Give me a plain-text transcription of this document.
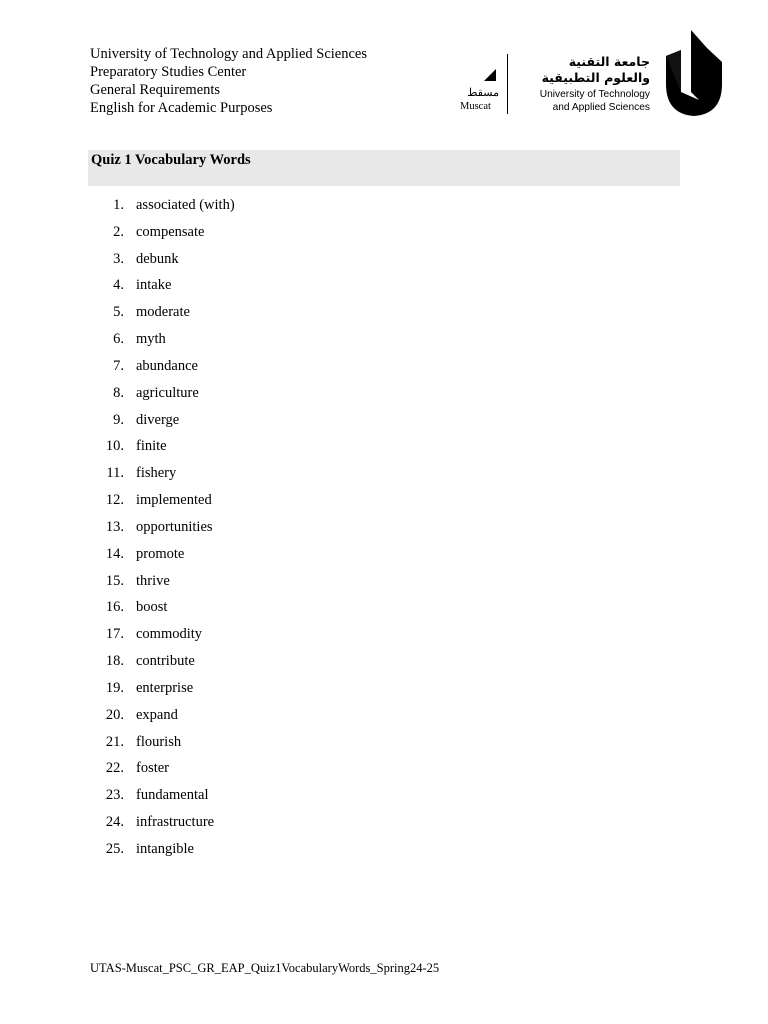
University of Technology and Applied Sciences
Preparatory Studies Center
General Requirements
English for Academic Purposes
مسقط
Muscat
جامعة التقنية
والعلوم التطبيقية
University of Technology
and Applied Sciences
Quiz 1 Vocabulary Words
1. associated (with)
2. compensate
3. debunk
4. intake
5. moderate
6. myth
7. abundance
8. agriculture
9. diverge
10. finite
11. fishery
12. implemented
13. opportunities
14. promote
15. thrive
16. boost
17. commodity
18. contribute
19. enterprise
20. expand
21. flourish
22. foster
23. fundamental
24. infrastructure
25. intangible
UTAS-Muscat_PSC_GR_EAP_Quiz1VocabularyWords_Spring24-25
